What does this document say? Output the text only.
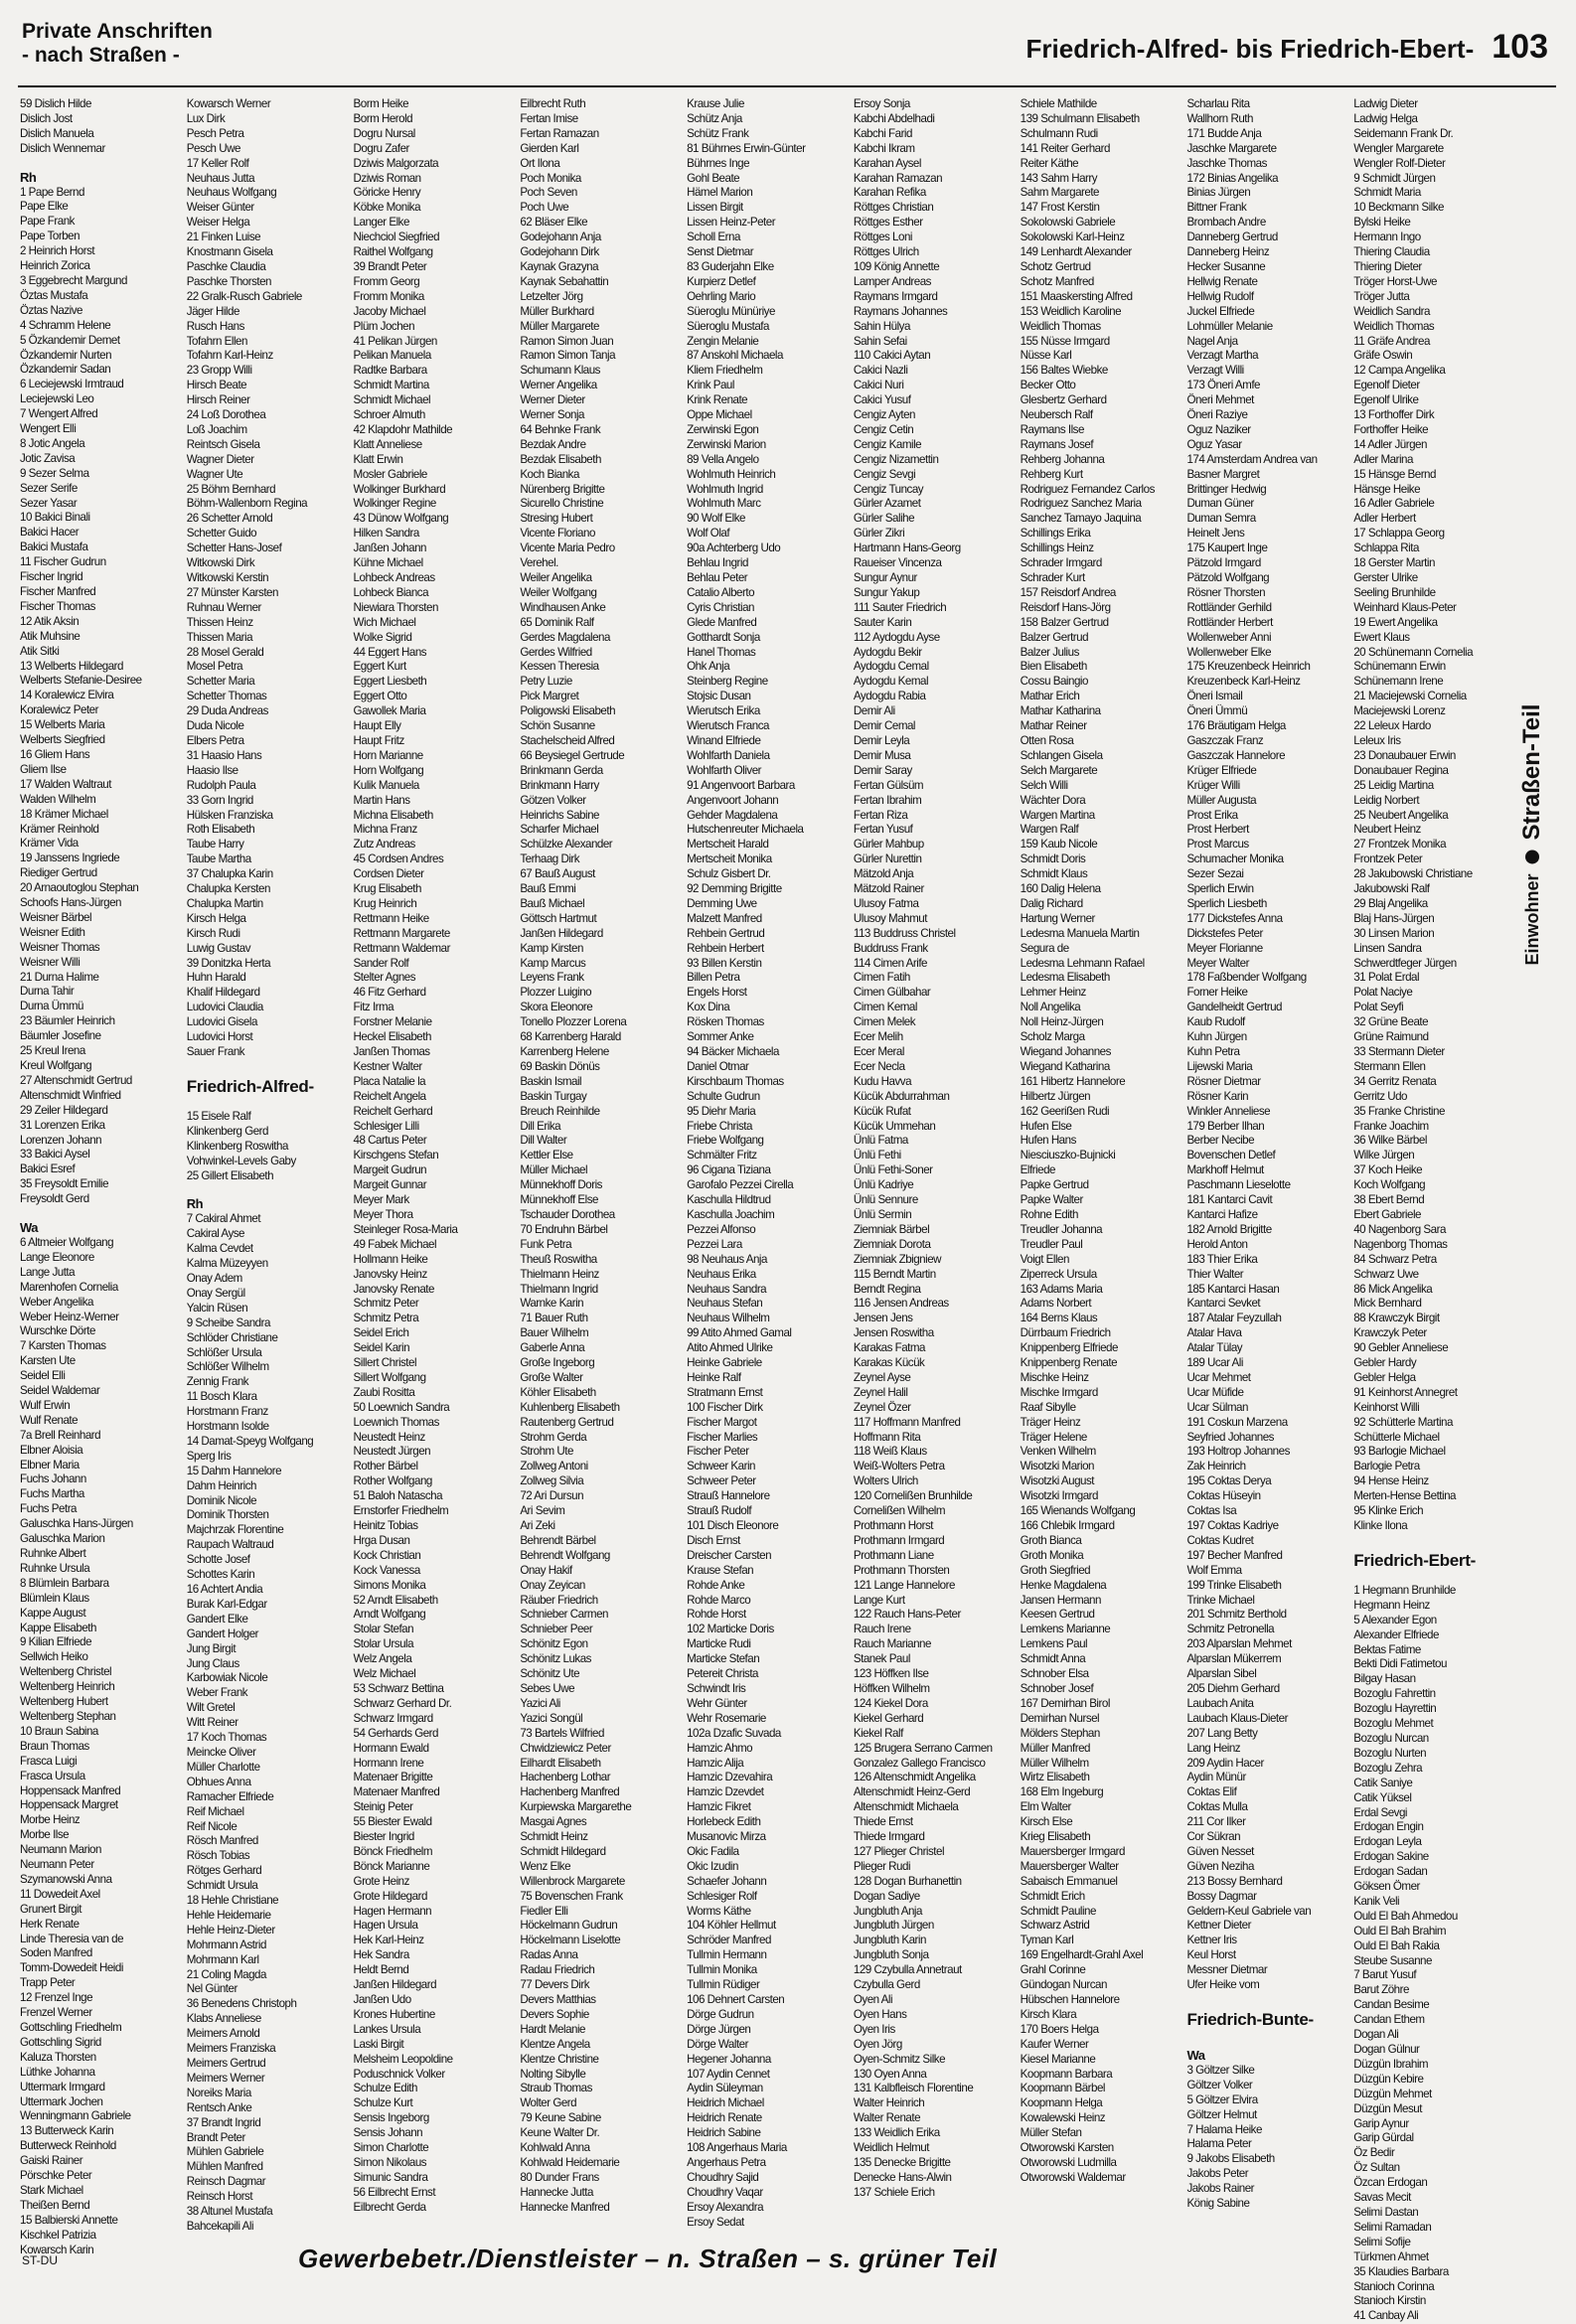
Private Anschriften
- nach Straßen -	Friedrich-Alfred- bis Friedrich-Ebert- 103
59 Dislich Hilde
Dislich Jost
Dislich Manuela
Dislich Wennemar
Rh
1 Pape Bernd
Pape Elke
Pape Frank
Pape Torben
2 Heinrich Horst
Heinrich Zorica
3 Eggebrecht Margund
Öztas Mustafa
Öztas Nazive
4 Schramm Helene
5 Özkandemir Demet
Özkandemir Nurten
Özkandemir Sadan
6 Leciejewski Irmtraud
Leciejewski Leo
7 Wengert Alfred
Wengert Elli
8 Jotic Angela
Jotic Zavisa
9 Sezer Selma
Sezer Serife
Sezer Yasar
10 Bakici Binali
Bakici Hacer
Bakici Mustafa
11 Fischer Gudrun
Fischer Ingrid
Fischer Manfred
Fischer Thomas
12 Atik Aksin
Atik Muhsine
Atik Sitki
13 Welberts Hildegard
Welberts Stefanie-Desiree
14 Koralewicz Elvira
Koralewicz Peter
15 Welberts Maria
Welberts Siegfried
16 Gliem Hans
Gliem Ilse
17 Walden Waltraut
Walden Wilhelm
18 Krämer Michael
Krämer Reinhold
Krämer Vida
19 Janssens Ingriede
Riediger Gertrud
20 Arnaoutoglou Stephan
Schoofs Hans-Jürgen
Weisner Bärbel
Weisner Edith
Weisner Thomas
Weisner Willi
21 Durna Halime
Durna Tahir
Durna Ümmü
23 Bäumler Heinrich
Bäumler Josefine
25 Kreul Irena
Kreul Wolfgang
27 Altenschmidt Gertrud
Altenschmidt Winfried
29 Zeiler Hildegard
31 Lorenzen Erika
Lorenzen Johann
33 Bakici Aysel
Bakici Esref
35 Freysoldt Emilie
Freysoldt Gerd
Wa
6 Altmeier Wolfgang
Lange Eleonore
Lange Jutta
Marenhofen Cornelia
Weber Angelika
Weber Heinz-Werner
Wurschke Dörte
7 Karsten Thomas
Karsten Ute
Seidel Elli
Seidel Waldemar
Wulf Erwin
Wulf Renate
7a Brell Reinhard
Elbner Aloisia
Elbner Maria
Fuchs Johann
Fuchs Martha
Fuchs Petra
Galuschka Hans-Jürgen
Galuschka Marion
Ruhnke Albert
Ruhnke Ursula
8 Blümlein Barbara
Blümlein Klaus
Kappe August
Kappe Elisabeth
9 Kilian Elfriede
Sellwich Heiko
Weltenberg Christel
Weltenberg Heinrich
Weltenberg Hubert
Weltenberg Stephan
10 Braun Sabina
Braun Thomas
Frasca Luigi
Frasca Ursula
Hoppensack Manfred
Hoppensack Margret
Morbe Heinz
Morbe Ilse
Neumann Marion
Neumann Peter
Szymanowski Anna
11 Dowedeit Axel
Grunert Birgit
Herk Renate
Linde Theresia van de
Soden Manfred
Tomm-Dowedeit Heidi
Trapp Peter
12 Frenzel Inge
Frenzel Werner
Gottschling Friedhelm
Gottschling Sigrid
Kaluza Thorsten
Lüthke Johanna
Uttermark Irmgard
Uttermark Jochen
Wenningmann Gabriele
13 Butterweck Karin
Butterweck Reinhold
Gaiski Rainer
Pörschke Peter
Stark Michael
Theißen Bernd
15 Balbierski Annette
Kischkel Patrizia
Kowarsch Karin
Kowarsch Werner
Lux Dirk
Pesch Petra
Pesch Uwe
17 Keller Rolf
Neuhaus Jutta
Neuhaus Wolfgang
Weiser Günter
Weiser Helga
21 Finken Luise
Knostmann Gisela
Paschke Claudia
Paschke Thorsten
22 Gralk-Rusch Gabriele
Jäger Hilde
Rusch Hans
Tofahrn Ellen
Tofahrn Karl-Heinz
23 Gropp Willi
Hirsch Beate
Hirsch Reiner
24 Loß Dorothea
Loß Joachim
Reintsch Gisela
Wagner Dieter
Wagner Ute
25 Böhm Bernhard
Böhm-Wallenborn Regina
26 Schetter Arnold
Schetter Guido
Schetter Hans-Josef
Witkowski Dirk
Witkowski Kerstin
27 Münster Karsten
Ruhnau Werner
Thissen Heinz
Thissen Maria
28 Mosel Gerald
Mosel Petra
Schetter Maria
Schetter Thomas
29 Duda Andreas
Duda Nicole
Elbers Petra
31 Haasio Hans
Haasio Ilse
Rudolph Paula
33 Gorn Ingrid
Hülsken Franziska
Roth Elisabeth
Taube Harry
Taube Martha
37 Chalupka Karin
Chalupka Kersten
Chalupka Martin
Kirsch Helga
Kirsch Rudi
Luwig Gustav
39 Donitzka Herta
Huhn Harald
Khalif Hildegard
Ludovici Claudia
Ludovici Gisela
Ludovici Horst
Sauer Frank
Friedrich-Alfred-
15 Eisele Ralf
Klinkenberg Gerd
Klinkenberg Roswitha
Vohwinkel-Levels Gaby
25 Gillert Elisabeth
Rh
7 Cakiral Ahmet
Cakiral Ayse
Kalma Cevdet
Kalma Müzeyyen
Onay Adem
Onay Sergül
Yalcin Rüsen
9 Scheibe Sandra
Schlöder Christiane
Schlößer Ursula
Schlößer Wilhelm
Zennig Frank
11 Bosch Klara
Horstmann Franz
Horstmann Isolde
14 Damat-Speyg Wolfgang
Sperg Iris
15 Dahm Hannelore
Dahm Heinrich
Dominik Nicole
Dominik Thorsten
Majchrzak Florentine
Raupach Waltraud
Schotte Josef
Schottes Karin
16 Achtert Andia
Burak Karl-Edgar
Gandert Elke
Gandert Holger
Jung Birgit
Jung Claus
Karbowiak Nicole
Weber Frank
Wilt Gretel
Witt Reiner
17 Koch Thomas
Meincke Oliver
Müller Charlotte
Obhues Anna
Ramacher Elfriede
Reif Michael
Reif Nicole
Rösch Manfred
Rösch Tobias
Rötges Gerhard
Schmidt Ursula
18 Hehle Christiane
Hehle Heidemarie
Hehle Heinz-Dieter
Mohrmann Astrid
Mohrmann Karl
21 Coling Magda
Nel Günter
36 Benedens Christoph
Klabs Anneliese
Meimers Arnold
Meimers Franziska
Meimers Gertrud
Meimers Werner
Noreiks Maria
Rentsch Anke
37 Brandt Ingrid
Brandt Peter
Mühlen Gabriele
Mühlen Manfred
Reinsch Dagmar
Reinsch Horst
38 Altunel Mustafa
Bahcekapili Ali
Borm Heike
Borm Herold
Dogru Nursal
Dogru Zafer
Dziwis Malgorzata
Dziwis Roman
Göricke Henry
Köbke Monika
Langer Elke
Niechciol Siegfried
Raithel Wolfgang
39 Brandt Peter
Fromm Georg
Fromm Monika
Jacoby Michael
Plüm Jochen
41 Pelikan Jürgen
Pelikan Manuela
Radtke Barbara
Schmidt Martina
Schmidt Michael
Schroer Almuth
42 Klapdohr Mathilde
Klatt Anneliese
Klatt Erwin
Mosler Gabriele
Wolkinger Burkhard
Wolkinger Regine
43 Dünow Wolfgang
Hilken Sandra
Janßen Johann
Kühne Michael
Lohbeck Andreas
Lohbeck Bianca
Niewiara Thorsten
Wich Michael
Wolke Sigrid
44 Eggert Hans
Eggert Kurt
Eggert Liesbeth
Eggert Otto
Gawollek Maria
Haupt Elly
Haupt Fritz
Horn Marianne
Horn Wolfgang
Kulik Manuela
Martin Hans
Michna Elisabeth
Michna Franz
Zutz Andreas
45 Cordsen Andres
Cordsen Dieter
Krug Elisabeth
Krug Heinrich
Rettmann Heike
Rettmann Margarete
Rettmann Waldemar
Sander Rolf
Stelter Agnes
46 Fitz Gerhard
Fitz Irma
Forstner Melanie
Heckel Elisabeth
Janßen Thomas
Kestner Walter
Placa Natalie la
Reichelt Angela
Reichelt Gerhard
Schlesiger Lilli
48 Cartus Peter
Kirschgens Stefan
Margeit Gudrun
Margeit Gunnar
Meyer Mark
Meyer Thora
Steinleger Rosa-Maria
49 Fabek Michael
Hollmann Heike
Janovsky Heinz
Janovsky Renate
Schmitz Peter
Schmitz Petra
Seidel Erich
Seidel Karin
Sillert Christel
Sillert Wolfgang
Zaubi Rositta
50 Loewnich Sandra
Loewnich Thomas
Neustedt Heinz
Neustedt Jürgen
Rother Bärbel
Rother Wolfgang
51 Baloh Natascha
Ernstorfer Friedhelm
Heinitz Tobias
Hrga Dusan
Kock Christian
Kock Vanessa
Simons Monika
52 Arndt Elisabeth
Arndt Wolfgang
Stolar Stefan
Stolar Ursula
Welz Angela
Welz Michael
53 Schwarz Bettina
Schwarz Gerhard Dr.
Schwarz Irmgard
54 Gerhards Gerd
Hormann Ewald
Hormann Irene
Matenaer Brigitte
Matenaer Manfred
Steinig Peter
55 Biester Ewald
Biester Ingrid
Bönck Friedhelm
Bönck Marianne
Grote Heinz
Grote Hildegard
Hagen Hermann
Hagen Ursula
Hek Karl-Heinz
Hek Sandra
Heldt Bernd
Janßen Hildegard
Janßen Udo
Krones Hubertine
Lankes Ursula
Laski Birgit
Melsheim Leopoldine
Poduschnick Volker
Schulze Edith
Schulze Kurt
Sensis Ingeborg
Sensis Johann
Simon Charlotte
Simon Nikolaus
Simunic Sandra
56 Eilbrecht Ernst
Eilbrecht Gerda
Eilbrecht Ruth
Fertan Imise
Fertan Ramazan
Gierden Karl
Ort Ilona
Poch Monika
Poch Seven
Poch Uwe
62 Bläser Elke
Godejohann Anja
Godejohann Dirk
Kaynak Grazyna
Kaynak Sebahattin
Letzelter Jörg
Müller Burkhard
Müller Margarete
Ramon Simon Juan
Ramon Simon Tanja
Schumann Klaus
Werner Angelika
Werner Dieter
Werner Sonja
64 Behnke Frank
Bezdak Andre
Bezdak Elisabeth
Koch Bianka
Nürenberg Brigitte
Sicurello Christine
Stresing Hubert
Vicente Floriano
Vicente Maria Pedro
Verehel.
Weiler Angelika
Weiler Wolfgang
Windhausen Anke
65 Dominik Ralf
Gerdes Magdalena
Gerdes Wilfried
Kessen Theresia
Petry Luzie
Pick Margret
Poligowski Elisabeth
Schön Susanne
Stachelscheid Alfred
66 Beysiegel Gertrude
Brinkmann Gerda
Brinkmann Harry
Götzen Volker
Heinrichs Sabine
Scharfer Michael
Schülzke Alexander
Terhaag Dirk
67 Bauß August
Bauß Emmi
Bauß Michael
Göttsch Hartmut
Janßen Hildegard
Kamp Kirsten
Kamp Marcus
Leyens Frank
Plozzer Luigino
Skora Eleonore
Tonello Plozzer Lorena
68 Karrenberg Harald
Karrenberg Helene
69 Baskin Dönüs
Baskin Ismail
Baskin Turgay
Breuch Reinhilde
Dill Erika
Dill Walter
Kettler Else
Müller Michael
Münnekhoff Doris
Münnekhoff Else
Tschauder Dorothea
70 Endruhn Bärbel
Funk Petra
Theuß Roswitha
Thielmann Heinz
Thielmann Ingrid
Warnke Karin
71 Bauer Ruth
Bauer Wilhelm
Gaberle Anna
Große Ingeborg
Große Walter
Köhler Elisabeth
Kuhlenberg Elisabeth
Rautenberg Gertrud
Strohm Gerda
Strohm Ute
Zollweg Antoni
Zollweg Silvia
72 Ari Dursun
Ari Sevim
Ari Zeki
Behrendt Bärbel
Behrendt Wolfgang
Onay Hakif
Onay Zeyican
Räuber Friedrich
Schnieber Carmen
Schnieber Peer
Schönitz Egon
Schönitz Lukas
Schönitz Ute
Sebes Uwe
Yazici Ali
Yazici Songül
73 Bartels Wilfried
Chwidziewicz Peter
Eilhardt Elisabeth
Hachenberg Lothar
Hachenberg Manfred
Kurpiewska Margarethe
Masgai Agnes
Schmidt Heinz
Schmidt Hildegard
Wenz Elke
Willenbrock Margarete
75 Bovenschen Frank
Fiedler Elli
Höckelmann Gudrun
Höckelmann Liselotte
Radas Anna
Radau Friedrich
77 Devers Dirk
Devers Matthias
Devers Sophie
Hardt Melanie
Klentze Angela
Klentze Christine
Nolting Sibylle
Straub Thomas
Wolter Gerd
79 Keune Sabine
Keune Walter Dr.
Kohlwald Anna
Kohlwald Heidemarie
80 Dunder Frans
Hannecke Jutta
Hannecke Manfred
Krause Julie
Schütz Anja
Schütz Frank
81 Bührnes Erwin-Günter
Bührnes Inge
Gohl Beate
Hämel Marion
Lissen Birgit
Lissen Heinz-Peter
Scholl Erna
Senst Dietmar
83 Guderjahn Elke
Kurpierz Detlef
Oehrling Mario
Süeroglu Münüriye
Süeroglu Mustafa
Zengin Melanie
87 Anskohl Michaela
Kliem Friedhelm
Krink Paul
Krink Renate
Oppe Michael
Zerwinski Egon
Zerwinski Marion
89 Vella Angelo
Wohlmuth Heinrich
Wohlmuth Ingrid
Wohlmuth Marc
90 Wolf Elke
Wolf Olaf
90a Achterberg Udo
Behlau Ingrid
Behlau Peter
Catalio Alberto
Cyris Christian
Glede Manfred
Gotthardt Sonja
Hanel Thomas
Ohk Anja
Steinberg Regine
Stojsic Dusan
Wierutsch Erika
Wierutsch Franca
Winand Elfriede
Wohlfarth Daniela
Wohlfarth Oliver
91 Angenvoort Barbara
Angenvoort Johann
Gehder Magdalena
Hutschenreuter Michaela
Mertscheit Harald
Mertscheit Monika
Schulz Gisbert Dr.
92 Demming Brigitte
Demming Uwe
Malzett Manfred
Rehbein Gertrud
Rehbein Herbert
93 Billen Kerstin
Billen Petra
Engels Horst
Kox Dina
Rösken Thomas
Sommer Anke
94 Bäcker Michaela
Daniel Otmar
Kirschbaum Thomas
Schulte Gudrun
95 Diehr Maria
Friebe Christa
Friebe Wolfgang
Schmälter Fritz
96 Cigana Tiziana
Garofalo Pezzei Cirella
Kaschulla Hildtrud
Kaschulla Joachim
Pezzei Alfonso
Pezzei Lara
98 Neuhaus Anja
Neuhaus Erika
Neuhaus Sandra
Neuhaus Stefan
Neuhaus Wilhelm
99 Atito Ahmed Gamal
Atito Ahmed Ulrike
Heinke Gabriele
Heinke Ralf
Stratmann Ernst
100 Fischer Dirk
Fischer Margot
Fischer Marlies
Fischer Peter
Schweer Karin
Schweer Peter
Strauß Hannelore
Strauß Rudolf
101 Disch Eleonore
Disch Ernst
Dreischer Carsten
Krause Stefan
Rohde Anke
Rohde Marco
Rohde Horst
102 Marticke Doris
Marticke Rudi
Marticke Stefan
Petereit Christa
Schwindt Iris
Wehr Günter
Wehr Rosemarie
102a Dzafic Suvada
Hamzic Ahmo
Hamzic Alija
Hamzic Dzevahira
Hamzic Dzevdet
Hamzic Fikret
Horlebeck Edith
Musanovic Mirza
Okic Fadila
Okic Izudin
Schaefer Johann
Schlesiger Rolf
Worms Käthe
104 Köhler Hellmut
Schröder Manfred
Tullmin Hermann
Tullmin Monika
Tullmin Rüdiger
106 Dehnert Carsten
Dörge Gudrun
Dörge Jürgen
Dörge Walter
Hegener Johanna
107 Aydin Cennet
Aydin Süleyman
Heidrich Michael
Heidrich Renate
Heidrich Sabine
108 Angerhaus Maria
Angerhaus Petra
Choudhry Sajid
Choudhry Vaqar
Ersoy Alexandra
Ersoy Sedat
Ersoy Sonja
Kabchi Abdelhadi
Kabchi Farid
Kabchi Ikram
Karahan Aysel
Karahan Ramazan
Karahan Refika
Röttges Christian
Röttges Esther
Röttges Loni
Röttges Ulrich
109 König Annette
Lamper Andreas
Raymans Irmgard
Raymans Johannes
Sahin Hülya
Sahin Sefai
110 Cakici Aytan
Cakici Nazli
Cakici Nuri
Cakici Yusuf
Cengiz Ayten
Cengiz Cetin
Cengiz Kamile
Cengiz Nizamettin
Cengiz Sevgi
Cengiz Tuncay
Gürler Azamet
Gürler Salihe
Gürler Zikri
Hartmann Hans-Georg
Raueiser Vincenza
Sungur Aynur
Sungur Yakup
111 Sauter Friedrich
Sauter Karin
112 Aydogdu Ayse
Aydogdu Bekir
Aydogdu Cemal
Aydogdu Kemal
Aydogdu Rabia
Demir Ali
Demir Cemal
Demir Leyla
Demir Musa
Demir Saray
Fertan Gülsüm
Fertan Ibrahim
Fertan Riza
Fertan Yusuf
Gürler Mahbup
Gürler Nurettin
Mätzold Anja
Mätzold Rainer
Ulusoy Fatma
Ulusoy Mahmut
113 Buddruss Christel
Buddruss Frank
114 Cimen Arife
Cimen Fatih
Cimen Gülbahar
Cimen Kemal
Cimen Melek
Ecer Melih
Ecer Meral
Ecer Necla
Kudu Havva
Kücük Abdurrahman
Kücük Rufat
Kücük Ummehan
Ünlü Fatma
Ünlü Fethi
Ünlü Fethi-Soner
Ünlü Kadriye
Ünlü Sennure
Ünlü Sermin
Ziemniak Bärbel
Ziemniak Dorota
Ziemniak Zbigniew
115 Berndt Martin
Berndt Regina
116 Jensen Andreas
Jensen Jens
Jensen Roswitha
Karakas Fatma
Karakas Kücük
Zeynel Ayse
Zeynel Halil
Zeynel Özer
117 Hoffmann Manfred
Hoffmann Rita
118 Weiß Klaus
Weiß-Wolters Petra
Wolters Ulrich
120 Cornelißen Brunhilde
Cornelißen Wilhelm
Prothmann Horst
Prothmann Irmgard
Prothmann Liane
Prothmann Thorsten
121 Lange Hannelore
Lange Kurt
122 Rauch Hans-Peter
Rauch Irene
Rauch Marianne
Stanek Paul
123 Höffken Ilse
Höffken Wilhelm
124 Kiekel Dora
Kiekel Gerhard
Kiekel Ralf
125 Brugera Serrano Carmen
Gonzalez Gallego Francisco
126 Altenschmidt Angelika
Altenschmidt Heinz-Gerd
Altenschmidt Michaela
Thiede Ernst
Thiede Irmgard
127 Plieger Christel
Plieger Rudi
128 Dogan Burhanettin
Dogan Sadiye
Jungbluth Anja
Jungbluth Jürgen
Jungbluth Karin
Jungbluth Sonja
129 Czybulla Annetraut
Czybulla Gerd
Oyen Ali
Oyen Hans
Oyen Iris
Oyen Jörg
Oyen-Schmitz Silke
130 Oyen Anna
131 Kalbfleisch Florentine
Walter Heinrich
Walter Renate
133 Weidlich Erika
Weidlich Helmut
135 Denecke Brigitte
Denecke Hans-Alwin
137 Schiele Erich
Schiele Mathilde
139 Schulmann Elisabeth
Schulmann Rudi
141 Reiter Gerhard
Reiter Käthe
143 Sahm Harry
Sahm Margarete
147 Frost Kerstin
Sokolowski Gabriele
Sokolowski Karl-Heinz
149 Lenhardt Alexander
Schotz Gertrud
Schotz Manfred
151 Maaskersting Alfred
153 Weidlich Karoline
Weidlich Thomas
155 Nüsse Irmgard
Nüsse Karl
156 Baltes Wiebke
Becker Otto
Glesbertz Gerhard
Neubersch Ralf
Raymans Ilse
Raymans Josef
Rehberg Johanna
Rehberg Kurt
Rodriguez Fernandez Carlos
Rodriguez Sanchez Maria
Sanchez Tamayo Jaquina
Schillings Erika
Schillings Heinz
Schrader Irmgard
Schrader Kurt
157 Reisdorf Andrea
Reisdorf Hans-Jörg
158 Balzer Gertrud
Balzer Gertrud
Balzer Julius
Bien Elisabeth
Cossu Baingio
Mathar Erich
Mathar Katharina
Mathar Reiner
Otten Rosa
Schlangen Gisela
Selch Margarete
Selch Willi
Wächter Dora
Wargen Martina
Wargen Ralf
159 Kaub Nicole
Schmidt Doris
Schmidt Klaus
160 Dalig Helena
Dalig Richard
Hartung Werner
Ledesma Manuela Martin
Segura de
Ledesma Lehmann Rafael
Ledesma Elisabeth
Lehmer Heinz
Noll Angelika
Noll Heinz-Jürgen
Scholz Marga
Wiegand Johannes
Wiegand Katharina
161 Hibertz Hannelore
Hilbertz Jürgen
162 Geerißen Rudi
Hufen Else
Hufen Hans
Niesciuszko-Bujnicki
Elfriede
Papke Gertrud
Papke Walter
Rohne Edith
Treudler Johanna
Treudler Paul
Voigt Ellen
Ziperreck Ursula
163 Adams Maria
Adams Norbert
164 Berns Klaus
Dürrbaum Friedrich
Knippenberg Elfriede
Knippenberg Renate
Mischke Heinz
Mischke Irmgard
Raaf Sibylle
Träger Heinz
Träger Helene
Venken Wilhelm
Wisotzki Marion
Wisotzki August
Wisotzki Irmgard
165 Wienands Wolfgang
166 Chlebik Irmgard
Groth Bianca
Groth Monika
Groth Siegfried
Henke Magdalena
Jansen Hermann
Keesen Gertrud
Lemkens Marianne
Lemkens Paul
Schmidt Anna
Schnober Elsa
Schnober Josef
167 Demirhan Birol
Demirhan Nursel
Mölders Stephan
Müller Manfred
Müller Wilhelm
Wirtz Elisabeth
168 Elm Ingeburg
Elm Walter
Kirsch Else
Krieg Elisabeth
Mauersberger Irmgard
Mauersberger Walter
Sabaisch Emmanuel
Schmidt Erich
Schmidt Pauline
Schwarz Astrid
Tyman Karl
169 Engelhardt-Grahl Axel
Grahl Corinne
Gündogan Nurcan
Hübschen Hannelore
Kirsch Klara
170 Boers Helga
Kaufer Werner
Kiesel Marianne
Koopmann Barbara
Koopmann Bärbel
Koopmann Helga
Kowalewski Heinz
Müller Stefan
Otworowski Karsten
Otworowski Ludmilla
Otworowski Waldemar
Scharlau Rita
Wallhorn Ruth
171 Budde Anja
Jaschke Margarete
Jaschke Thomas
172 Binias Angelika
Binias Jürgen
Bittner Frank
Brombach Andre
Danneberg Gertrud
Danneberg Heinz
Hecker Susanne
Hellwig Renate
Hellwig Rudolf
Juckel Elfriede
Lohmüller Melanie
Nagel Anja
Verzagt Martha
Verzagt Willi
173 Öneri Amfe
Öneri Mehmet
Öneri Raziye
Oguz Naziker
Oguz Yasar
174 Amsterdam Andrea van
Basner Margret
Brittinger Hedwig
Duman Güner
Duman Semra
Heinelt Jens
175 Kaupert Inge
Pätzold Irmgard
Pätzold Wolfgang
Rösner Thorsten
Rottländer Gerhild
Rottländer Herbert
Wollenweber Anni
Wollenweber Elke
175 Kreuzenbeck Heinrich
Kreuzenbeck Karl-Heinz
Öneri Ismail
Öneri Ümmü
176 Bräutigam Helga
Gaszczak Franz
Gaszczak Hannelore
Krüger Elfriede
Krüger Willi
Müller Augusta
Prost Erika
Prost Herbert
Prost Marcus
Schumacher Monika
Sezer Sezai
Sperlich Erwin
Sperlich Liesbeth
177 Dickstefes Anna
Dickstefes Peter
Meyer Florianne
Meyer Walter
178 Faßbender Wolfgang
Forner Heike
Gandelheidt Gertrud
Kaub Rudolf
Kuhn Jürgen
Kuhn Petra
Lijewski Maria
Rösner Dietmar
Rösner Karin
Winkler Anneliese
179 Berber Ilhan
Berber Necibe
Bovenschen Detlef
Markhoff Helmut
Paschmann Lieselotte
181 Kantarci Cavit
Kantarci Hafize
182 Arnold Brigitte
Herold Anton
183 Thier Erika
Thier Walter
185 Kantarci Hasan
Kantarci Sevket
187 Atalar Feyzullah
Atalar Hava
Atalar Tülay
189 Ucar Ali
Ucar Mehmet
Ucar Müfide
Ucar Sülman
191 Coskun Marzena
Seyfried Johannes
193 Holtrop Johannes
Zak Heinrich
195 Coktas Derya
Coktas Hüseyin
Coktas Isa
197 Coktas Kadriye
Coktas Kudret
197 Becher Manfred
Wolf Emma
199 Trinke Elisabeth
Trinke Michael
201 Schmitz Berthold
Schmitz Petronella
203 Alparslan Mehmet
Alparslan Mükerrem
Alparslan Sibel
205 Diehm Gerhard
Laubach Anita
Laubach Klaus-Dieter
207 Lang Betty
Lang Heinz
209 Aydin Hacer
Aydin Münür
Coktas Elif
Coktas Mulla
211 Cor Ilker
Cor Sükran
Güven Nesset
Güven Neziha
213 Bossy Bernhard
Bossy Dagmar
Geldern-Keul Gabriele van
Kettner Dieter
Kettner Iris
Keul Horst
Messner Dietmar
Ufer Heike vom
Friedrich-Bunte-
Wa
3 Göltzer Silke
Göltzer Volker
5 Göltzer Elvira
Göltzer Helmut
7 Halama Heike
Halama Peter
9 Jakobs Elisabeth
Jakobs Peter
Jakobs Rainer
König Sabine
Ladwig Dieter
Ladwig Helga
Seidemann Frank Dr.
Wengler Margarete
Wengler Rolf-Dieter
9 Schmidt Jürgen
Schmidt Maria
10 Beckmann Silke
Bylski Heike
Hermann Ingo
Thiering Claudia
Thiering Dieter
Tröger Horst-Uwe
Tröger Jutta
Weidlich Sandra
Weidlich Thomas
11 Gräfe Andrea
Gräfe Oswin
12 Campa Angelika
Egenolf Dieter
Egenolf Ulrike
13 Forthoffer Dirk
Forthoffer Heike
14 Adler Jürgen
Adler Marina
15 Hänsge Bernd
Hänsge Heike
16 Adler Gabriele
Adler Herbert
17 Schlappa Georg
Schlappa Rita
18 Gerster Martin
Gerster Ulrike
Seeling Brunhilde
Weinhard Klaus-Peter
19 Ewert Angelika
Ewert Klaus
20 Schünemann Cornelia
Schünemann Erwin
Schünemann Irene
21 Maciejewski Cornelia
Maciejewski Lorenz
22 Leleux Hardo
Leleux Iris
23 Donaubauer Erwin
Donaubauer Regina
25 Leidig Martina
Leidig Norbert
25 Neubert Angelika
Neubert Heinz
27 Frontzek Monika
Frontzek Peter
28 Jakubowski Christiane
Jakubowski Ralf
29 Blaj Angelika
Blaj Hans-Jürgen
30 Linsen Marion
Linsen Sandra
Schwerdtfeger Jürgen
31 Polat Erdal
Polat Naciye
Polat Seyfi
32 Grüne Beate
Grüne Raimund
33 Stermann Dieter
Stermann Ellen
34 Gerritz Renata
Gerritz Udo
35 Franke Christine
Franke Joachim
36 Wilke Bärbel
Wilke Jürgen
37 Koch Heike
Koch Wolfgang
38 Ebert Bernd
Ebert Gabriele
40 Nagenborg Sara
Nagenborg Thomas
84 Schwarz Petra
Schwarz Uwe
86 Mick Angelika
Mick Bernhard
88 Krawczyk Birgit
Krawczyk Peter
90 Gebler Anneliese
Gebler Hardy
Gebler Helga
91 Keinhorst Annegret
Keinhorst Willi
92 Schütterle Martina
Schütterle Michael
93 Barlogie Michael
Barlogie Petra
94 Hense Heinz
Merten-Hense Bettina
95 Klinke Erich
Klinke Ilona
Friedrich-Ebert-
1 Hegmann Brunhilde
Hegmann Heinz
5 Alexander Egon
Alexander Elfriede
Bektas Fatime
Bekti Didi Fatimetou
Bilgay Hasan
Bozoglu Fahrettin
Bozoglu Hayrettin
Bozoglu Mehmet
Bozoglu Nurcan
Bozoglu Nurten
Bozoglu Zehra
Catik Saniye
Catik Yüksel
Erdal Sevgi
Erdogan Engin
Erdogan Leyla
Erdogan Sakine
Erdogan Sadan
Göksen Ömer
Kanik Veli
Ould El Bah Ahmedou
Ould El Bah Brahim
Ould El Bah Rakia
Steube Susanne
7 Barut Yusuf
Barut Zöhre
Candan Besime
Candan Ethem
Dogan Ali
Dogan Gülnur
Düzgün Ibrahim
Düzgün Kebire
Düzgün Mehmet
Düzgün Mesut
Garip Aynur
Garip Gürdal
Öz Bedir
Öz Sultan
Özcan Erdogan
Savas Mecit
Selimi Dastan
Selimi Ramadan
Selimi Sofije
Türkmen Ahmet
35 Klaudies Barbara
Stanioch Corinna
Stanioch Kirstin
41 Canbay Ali
Einwohner
Straßen-Teil
ST-DU	Gewerbebetr./Dienstleister – n. Straßen – s. grüner Teil
